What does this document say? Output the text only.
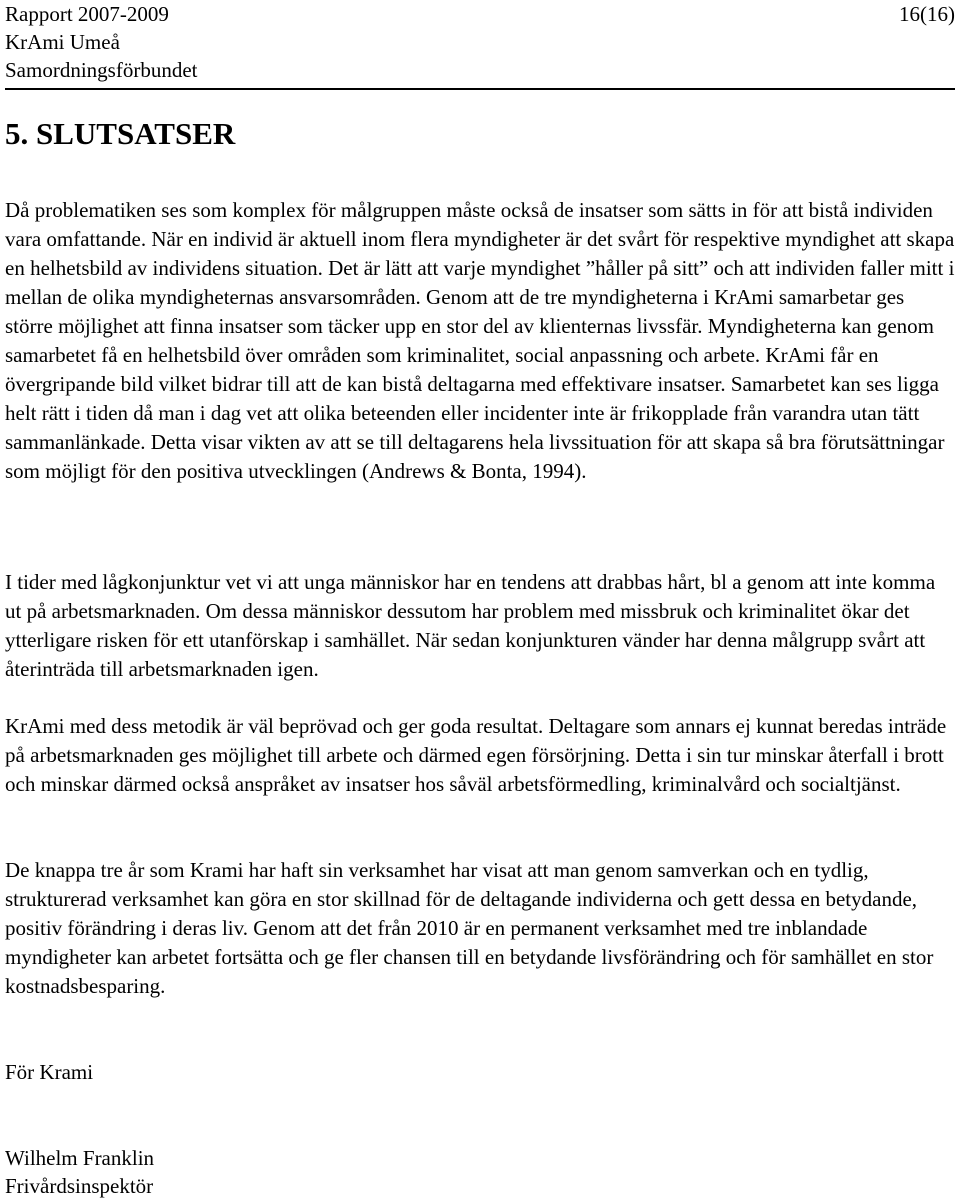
Rapport 2007-2009
KrAmi Umeå
Samordningsförbundet
16(16)
5. SLUTSATSER

Då problematiken ses som komplex för målgruppen måste också de insatser som sätts in för att bistå individen vara omfattande. När en individ är aktuell inom flera myndigheter är det svårt för respektive myndighet att skapa en helhetsbild av individens situation. Det är lätt att varje myndighet ”håller på sitt” och att individen faller mitt i mellan de olika myndigheternas ansvarsområden. Genom att de tre myndigheterna i KrAmi samarbetar ges större möjlighet att finna insatser som täcker upp en stor del av klienternas livssfär. Myndigheterna kan genom samarbetet få en helhetsbild över områden som kriminalitet, social anpassning och arbete. KrAmi får en övergripande bild vilket bidrar till att de kan bistå deltagarna med effektivare insatser. Samarbetet kan ses ligga helt rätt i tiden då man i dag vet att olika beteenden eller incidenter inte är frikopplade från varandra utan tätt sammanlänkade. Detta visar vikten av att se till deltagarens hela livssituation för att skapa så bra förutsättningar som möjligt för den positiva utvecklingen (Andrews & Bonta, 1994).

I tider med lågkonjunktur vet vi att unga människor har en tendens att drabbas hårt, bl a genom att inte komma ut på arbetsmarknaden. Om dessa människor dessutom har problem med missbruk och kriminalitet ökar det ytterligare risken för ett utanförskap i samhället. När sedan konjunkturen vänder har denna målgrupp svårt att återinträda till arbetsmarknaden igen.

KrAmi med dess metodik är väl beprövad och ger goda resultat. Deltagare som annars ej kunnat beredas inträde på arbetsmarknaden ges möjlighet till arbete och därmed egen försörjning. Detta i sin tur minskar återfall i brott och minskar därmed också anspråket av insatser hos såväl arbetsförmedling, kriminalvård och socialtjänst.

De knappa tre år som Krami har haft sin verksamhet har visat att man genom samverkan och en tydlig, strukturerad verksamhet kan göra en stor skillnad för de deltagande individerna och gett dessa en betydande, positiv förändring i deras liv. Genom att det från 2010 är en permanent verksamhet med tre inblandade myndigheter kan arbetet fortsätta och ge fler chansen till en betydande livsförändring och för samhället en stor kostnadsbesparing.

För Krami
Wilhelm Franklin
Frivårdsinspektör
